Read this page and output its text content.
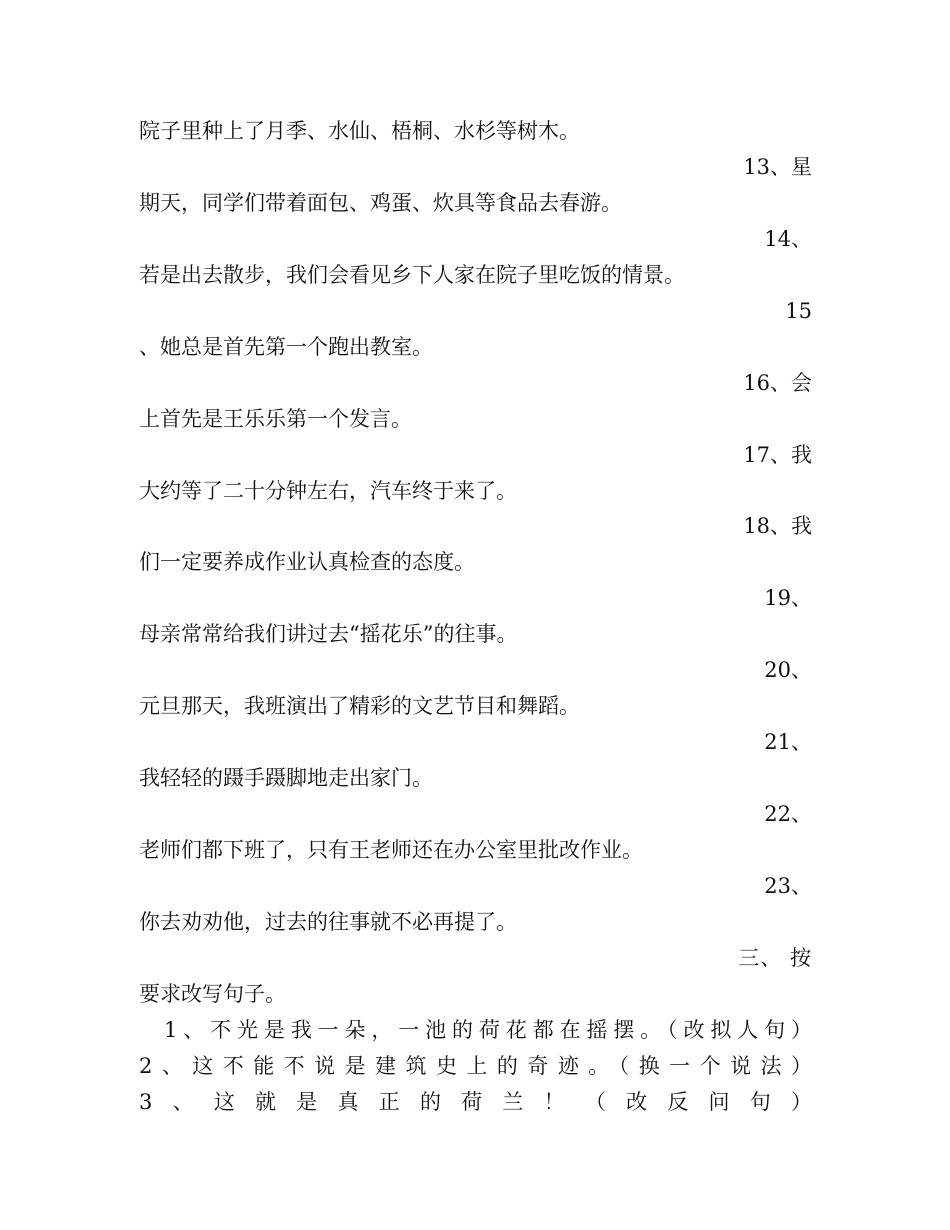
院子里种上了月季、水仙、梧桐、水杉等树木。
13、星
期天，同学们带着面包、鸡蛋、炊具等食品去春游。
14、
若是出去散步，我们会看见乡下人家在院子里吃饭的情景。
15
、她总是首先第一个跑出教室。
16、会
上首先是王乐乐第一个发言。
17、我
大约等了二十分钟左右，汽车终于来了。
18、我
们一定要养成作业认真检查的态度。
19、
母亲常常给我们讲过去“摇花乐”的往事。
20、
元旦那天，我班演出了精彩的文艺节目和舞蹈。
21、
我轻轻的蹑手蹑脚地走出家门。
22、
老师们都下班了，只有王老师还在办公室里批改作业。
23、
你去劝劝他，过去的往事就不必再提了。
三、 按
要求改写句子。
1、不光是我一朵，一池的荷花都在摇摆。（改拟人句）
2、这不能不说是建筑史上的奇迹。（换一个说法）
3、这就是真正的荷兰！（改反问句）
